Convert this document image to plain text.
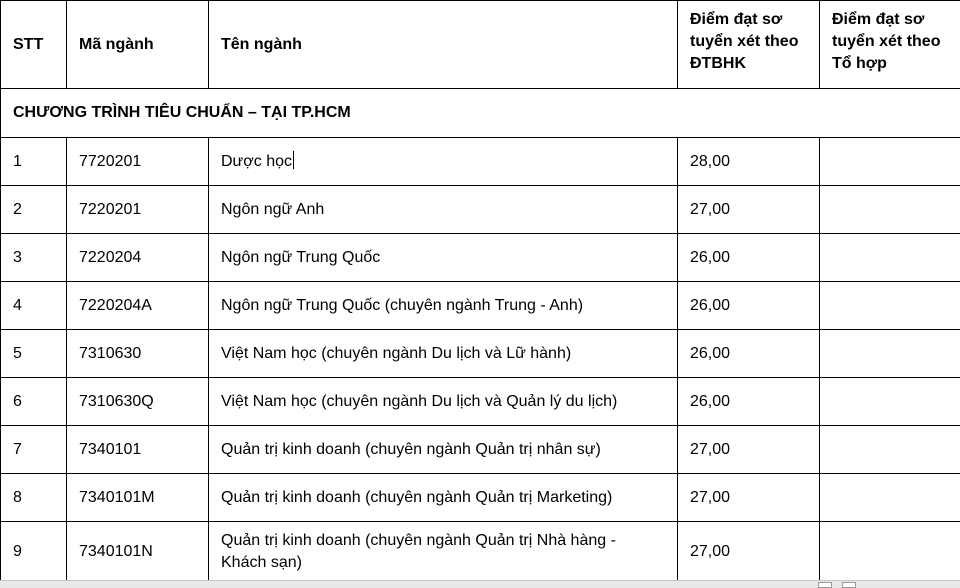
STT	Mã ngành	Tên ngành	Điểm đạt sơ tuyển xét theo ĐTBHK	Điểm đạt sơ tuyển xét theo Tổ hợp
CHƯƠNG TRÌNH TIÊU CHUẨN – TẠI TP.HCM				
1	7720201	Dược học	28,00	
2	7220201	Ngôn ngữ Anh	27,00	
3	7220204	Ngôn ngữ Trung Quốc	26,00	
4	7220204A	Ngôn ngữ Trung Quốc (chuyên ngành Trung - Anh)	26,00	
5	7310630	Việt Nam học (chuyên ngành Du lịch và Lữ hành)	26,00	
6	7310630Q	Việt Nam học (chuyên ngành Du lịch và Quản lý du lịch)	26,00	
7	7340101	Quản trị kinh doanh (chuyên ngành Quản trị nhân sự)	27,00	
8	7340101M	Quản trị kinh doanh (chuyên ngành Quản trị Marketing)	27,00	
9	7340101N	Quản trị kinh doanh (chuyên ngành Quản trị Nhà hàng - Khách sạn)	27,00	
